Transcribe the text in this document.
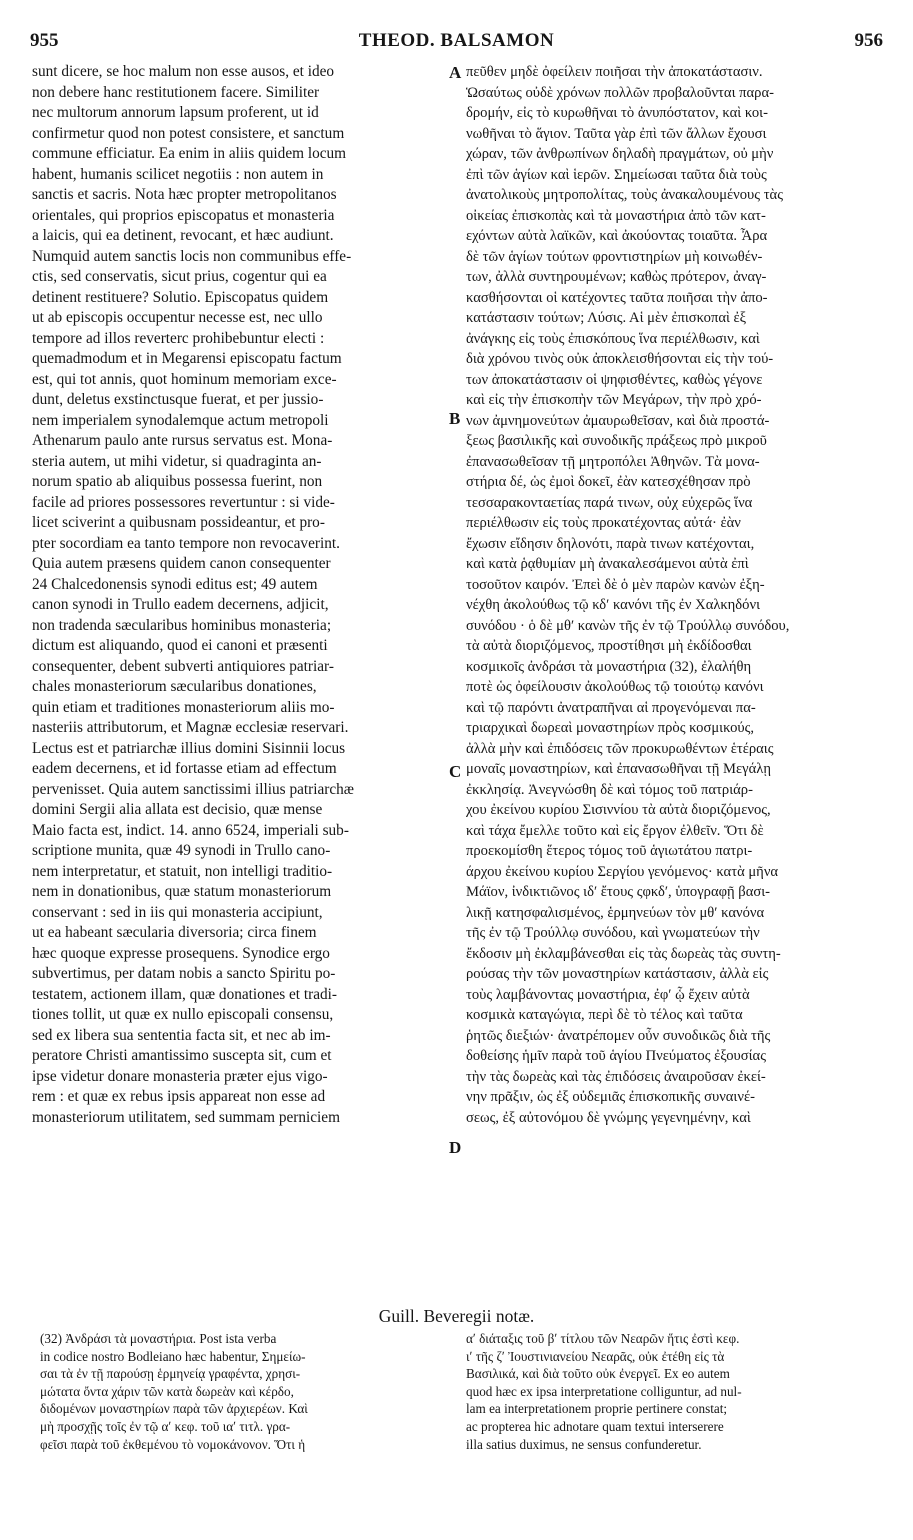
955	THEOD. BALSAMON	956
sunt dicere, se hoc malum non esse ausos, et ideo
non debere hanc restitutionem facere. Similiter
nec multorum annorum lapsum proferent, ut id
confirmetur quod non potest consistere, et sanctum
commune efficiatur. Ea enim in aliis quidem locum
habent, humanis scilicet negotiis : non autem in
sanctis et sacris. Nota hæc propter metropolitanos
orientales, qui proprios episcopatus et monasteria
a laicis, qui ea detinent, revocant, et hæc audiunt.
Numquid autem sanctis locis non communibus effe-
ctis, sed conservatis, sicut prius, cogentur qui ea
detinent restituere? Solutio. Episcopatus quidem
ut ab episcopis occupentur necesse est, nec ullo
tempore ad illos reverterc prohibebuntur electi :
quemadmodum et in Megarensi episcopatu factum
est, qui tot annis, quot hominum memoriam exce-
dunt, deletus exstinctusque fuerat, et per jussio-
nem imperialem synodalemque actum metropoli
Athenarum paulo ante rursus servatus est. Mona-
steria autem, ut mihi videtur, si quadraginta an-
norum spatio ab aliquibus possessa fuerint, non
facile ad priores possessores revertuntur : si vide-
licet sciverint a quibusnam possideantur, et pro-
pter socordiam ea tanto tempore non revocaverint.
Quia autem præsens quidem canon consequenter
24 Chalcedonensis synodi editus est; 49 autem
canon synodi in Trullo eadem decernens, adjicit,
non tradenda sæcularibus hominibus monasteria;
dictum est aliquando, quod ei canoni et præsenti
consequenter, debent subverti antiquiores patriar-
chales monasteriorum sæcularibus donationes,
quin etiam et traditiones monasteriorum aliis mo-
nasteriis attributorum, et Magnæ ecclesiæ reservari.
Lectus est et patriarchæ illius domini Sisinnii locus
eadem decernens, et id fortasse etiam ad effectum
pervenisset. Quia autem sanctissimi illius patriarchæ
domini Sergii alia allata est decisio, quæ mense
Maio facta est, indict. 14. anno 6524, imperiali sub-
scriptione munita, quæ 49 synodi in Trullo cano-
nem interpretatur, et statuit, non intelligi traditio-
nem in donationibus, quæ statum monasteriorum
conservant : sed in iis qui monasteria accipiunt,
ut ea habeant sæcularia diversoria; circa finem
hæc quoque expresse prosequens. Synodice ergo
subvertimus, per datam nobis a sancto Spiritu po-
testatem, actionem illam, quæ donationes et tradi-
tiones tollit, ut quæ ex nullo episcopali consensu,
sed ex libera sua sententia facta sit, et nec ab im-
peratore Christi amantissimo suscepta sit, cum et
ipse videtur donare monasteria præter ejus vigo-
rem : et quæ ex rebus ipsis appareat non esse ad
monasteriorum utilitatem, sed summam perniciem
πεῦθεν μηδὲ ὀφείλειν ποιῆσαι τὴν ἀποκατάστασιν.
Ὡσαύτως οὐδὲ χρόνων πολλῶν προβαλοῦνται παρα-
δρομήν, εἰς τὸ κυρωθῆναι τὸ ἀνυπόστατον, καὶ κοι-
νωθῆναι τὸ ἅγιον. Ταῦτα γὰρ ἐπὶ τῶν ἄλλων ἔχουσι
χώραν, τῶν ἀνθρωπίνων δηλαδὴ πραγμάτων, οὐ μὴν
ἐπὶ τῶν ἁγίων καὶ ἱερῶν. Σημείωσαι ταῦτα διὰ τοὺς
ἀνατολικοὺς μητροπολίτας, τοὺς ἀνακαλουμένους τὰς
οἰκείας ἐπισκοπὰς καὶ τὰ μοναστήρια ἀπὸ τῶν κατ-
εχόντων αὐτὰ λαϊκῶν, καὶ ἀκούοντας τοιαῦτα. Ἆρα
δὲ τῶν ἁγίων τούτων φροντιστηρίων μὴ κοινωθέν-
των, ἀλλὰ συντηρουμένων; καθὼς πρότερον, ἀναγ-
κασθήσονται οἱ κατέχοντες ταῦτα ποιῆσαι τὴν ἀπο-
κατάστασιν τούτων; Λύσις. Αἱ μὲν ἐπισκοπαὶ ἐξ
ἀνάγκης εἰς τοὺς ἐπισκόπους ἵνα περιέλθωσιν, καὶ
διὰ χρόνου τινὸς οὐκ ἀποκλεισθήσονται εἰς τὴν τού-
των ἀποκατάστασιν οἱ ψηφισθέντες, καθὼς γέγονε
καὶ εἰς τὴν ἐπισκοπὴν τῶν Μεγάρων, τὴν πρὸ χρό-
νων ἀμνημονεύτων ἀμαυρωθεῖσαν, καὶ διὰ προστά-
ξεως βασιλικῆς καὶ συνοδικῆς πράξεως πρὸ μικροῦ
ἐπανασωθεῖσαν τῇ μητροπόλει Ἀθηνῶν. Τὰ μονα-
στήρια δέ, ὡς ἐμοὶ δοκεῖ, ἐὰν κατεσχέθησαν πρὸ
τεσσαρακονταετίας παρά τινων, οὐχ εὐχερῶς ἵνα
περιέλθωσιν εἰς τοὺς προκατέχοντας αὐτά· ἐὰν
ἔχωσιν εἴδησιν δηλονότι, παρὰ τινων κατέχονται,
καὶ κατὰ ῥᾳθυμίαν μὴ ἀνακαλεσάμενοι αὐτὰ ἐπὶ
τοσοῦτον καιρόν. Ἐπεὶ δὲ ὁ μὲν παρὼν κανὼν ἐξη-
νέχθη ἀκολούθως τῷ κδʹ κανόνι τῆς ἐν Χαλκηδόνι
συνόδου · ὁ δὲ μθʹ κανὼν τῆς ἐν τῷ Τρούλλῳ συνόδου,
τὰ αὐτὰ διοριζόμενος, προστίθησι μὴ ἐκδίδοσθαι
κοσμικοῖς ἀνδράσι τὰ μοναστήρια (32), ἐλαλήθη
ποτὲ ὡς ὀφείλουσιν ἀκολούθως τῷ τοιούτῳ κανόνι
καὶ τῷ παρόντι ἀνατραπῆναι αἱ προγενόμεναι πα-
τριαρχικαὶ δωρεαὶ μοναστηρίων πρὸς κοσμικούς,
ἀλλὰ μὴν καὶ ἐπιδόσεις τῶν προκυρωθέντων ἑτέραις
μοναῖς μοναστηρίων, καὶ ἐπανασωθῆναι τῇ Μεγάλῃ
ἐκκλησίᾳ. Ἀνεγνώσθη δὲ καὶ τόμος τοῦ πατριάρ-
χου ἐκείνου κυρίου Σισιννίου τὰ αὐτὰ διοριζόμενος,
καὶ τάχα ἔμελλε τοῦτο καὶ εἰς ἔργον ἐλθεῖν. Ὅτι δὲ
προεκομίσθη ἕτερος τόμος τοῦ ἁγιωτάτου πατρι-
άρχου ἐκείνου κυρίου Σεργίου γενόμενος· κατὰ μῆνα
Μάϊον, ἰνδικτιῶνος ιδʹ ἔτους ςφκδʹ, ὑπογραφῇ βασι-
λικῇ κατησφαλισμένος, ἑρμηνεύων τὸν μθʹ κανόνα
τῆς ἐν τῷ Τρούλλῳ συνόδου, καὶ γνωματεύων τὴν
ἔκδοσιν μὴ ἐκλαμβάνεσθαι εἰς τὰς δωρεὰς τὰς συντη-
ρούσας τὴν τῶν μοναστηρίων κατάστασιν, ἀλλὰ εἰς
τοὺς λαμβάνοντας μοναστήρια, ἐφʹ ᾧ ἔχειν αὐτὰ
κοσμικὰ καταγώγια, περὶ δὲ τὸ τέλος καὶ ταῦτα
ῥητῶς διεξιών· ἀνατρέπομεν οὖν συνοδικῶς διὰ τῆς
δοθείσης ἡμῖν παρὰ τοῦ ἁγίου Πνεύματος ἐξουσίας
τὴν τὰς δωρεὰς καὶ τὰς ἐπιδόσεις ἀναιροῦσαν ἐκεί-
νην πρᾶξιν, ὡς ἐξ οὐδεμιᾶς ἐπισκοπικῆς συναινέ-
σεως, ἐξ αὐτονόμου δὲ γνώμης γεγενημένην, καὶ
A
B
C
D
Guill. Beveregii notæ.
(32) Ἀνδράσι τὰ μοναστήρια. Post ista verba
in codice nostro Bodleiano hæc habentur, Σημείω-
σαι τὰ ἐν τῇ παρούσῃ ἑρμηνείᾳ γραφέντα, χρησι-
μώτατα ὄντα χάριν τῶν κατὰ δωρεὰν καὶ κέρδο,
διδομένων μοναστηρίων παρὰ τῶν ἀρχιερέων. Καὶ
μὴ προσχῇς τοῖς ἐν τῷ αʹ κεφ. τοῦ ιαʹ τιτλ. γρα-
φεῖσι παρὰ τοῦ ἐκθεμένου τὸ νομοκάνονον. Ὅτι ἡ
αʹ διάταξις τοῦ βʹ τίτλου τῶν Νεαρῶν ἥτις ἐστὶ κεφ.
ιʹ τῆς ζʹ Ἰουστινιανείου Νεαρᾶς, οὐκ ἐτέθη εἰς τὰ
Βασιλικά, καὶ διὰ τοῦτο οὐκ ἐνεργεῖ. Ex eo autem
quod hæc ex ipsa interpretatione colliguntur, ad nul-
lam ea interpretationem proprie pertinere constat;
ac propterea hic adnotare quam textui interserere
illa satius duximus, ne sensus confunderetur.
